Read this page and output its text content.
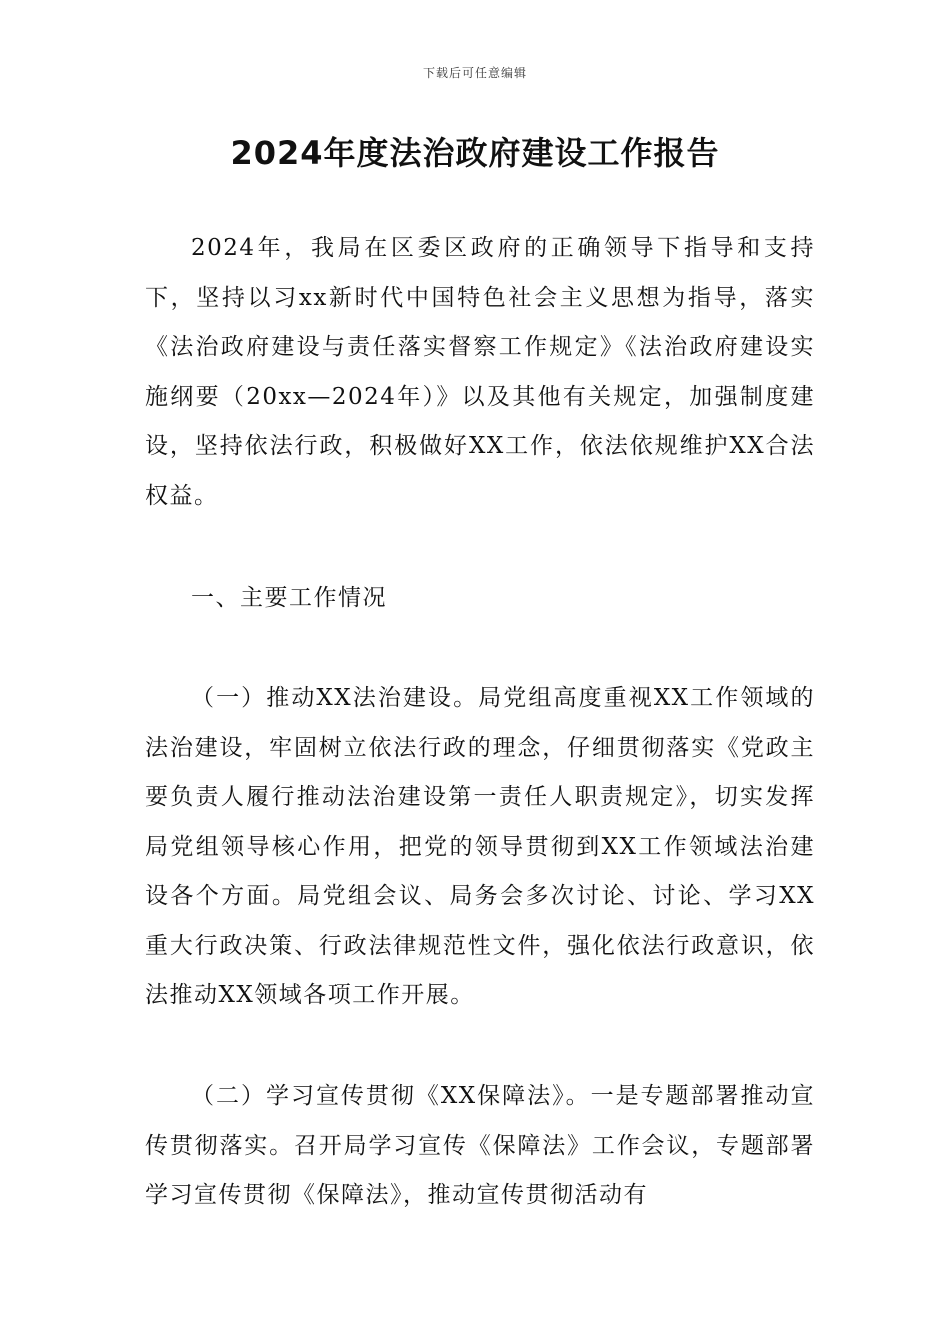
下载后可任意编辑
2024年度法治政府建设工作报告

2024年，我局在区委区政府的正确领导下指导和支持下，坚持以习xx新时代中国特色社会主义思想为指导，落实《法治政府建设与责任落实督察工作规定》《法治政府建设实施纲要（20xx—2024年）》以及其他有关规定，加强制度建设，坚持依法行政，积极做好XX工作，依法依规维护XX合法权益。

一、主要工作情况

（一）推动XX法治建设。局党组高度重视XX工作领域的法治建设，牢固树立依法行政的理念，仔细贯彻落实《党政主要负责人履行推动法治建设第一责任人职责规定》，切实发挥局党组领导核心作用，把党的领导贯彻到XX工作领域法治建设各个方面。局党组会议、局务会多次讨论、讨论、学习XX重大行政决策、行政法律规范性文件，强化依法行政意识，依法推动XX领域各项工作开展。

（二）学习宣传贯彻《XX保障法》。一是专题部署推动宣传贯彻落实。召开局学习宣传《保障法》工作会议，专题部署学习宣传贯彻《保障法》，推动宣传贯彻活动有
